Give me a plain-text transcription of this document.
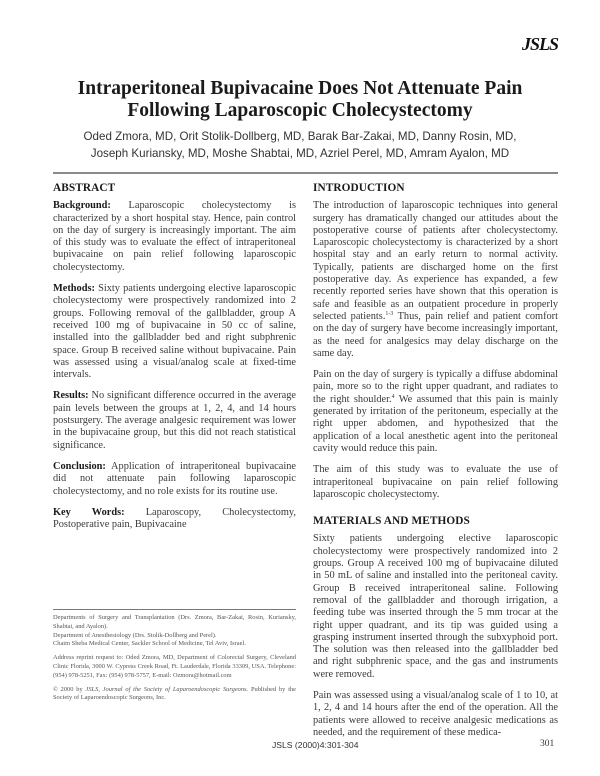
JSLS
Intraperitoneal Bupivacaine Does Not Attenuate Pain
Following Laparoscopic Cholecystectomy
Oded Zmora, MD, Orit Stolik-Dollberg, MD, Barak Bar-Zakai, MD, Danny Rosin, MD,
Joseph Kuriansky, MD, Moshe Shabtai, MD, Azriel Perel, MD, Amram Ayalon, MD
ABSTRACT

Background: Laparoscopic cholecystectomy is characterized by a short hospital stay. Hence, pain control on the day of surgery is increasingly important. The aim of this study was to evaluate the effect of intraperitoneal bupivacaine on pain relief following laparoscopic cholecystectomy.

Methods: Sixty patients undergoing elective laparoscopic cholecystectomy were prospectively randomized into 2 groups. Following removal of the gallbladder, group A received 100 mg of bupivacaine in 50 cc of saline, installed into the gallbladder bed and right subphrenic space. Group B received saline without bupivacaine. Pain was assessed using a visual/analog scale at fixed-time intervals.

Results: No significant difference occurred in the average pain levels between the groups at 1, 2, 4, and 14 hours postsurgery. The average analgesic requirement was lower in the bupivacaine group, but this did not reach statistical significance.

Conclusion: Application of intraperitoneal bupivacaine did not attenuate pain following laparoscopic cholecystectomy, and no role exists for its routine use.

Key Words: Laparoscopy, Cholecystectomy, Postoperative pain, Bupivacaine

Departments of Surgery and Transplantation (Drs. Zmora, Bar-Zakai, Rosin, Kuriansky, Shabtai, and Ayalon).

Department of Anesthesiology (Drs. Stolik-Dollberg and Perel).

Chaim Sheba Medical Center, Sackler School of Medicine, Tel Aviv, Israel.

Address reprint request to: Oded Zmora, MD, Department of Colorectal Surgery, Cleveland Clinic Florida, 3000 W. Cypress Creek Road, Ft. Lauderdale, Florida 33309, USA. Telephone: (954) 978-5251, Fax: (954) 978-5757, E-mail: Ozmora@hotmail.com

© 2000 by JSLS, Journal of the Society of Laparoendoscopic Surgeons. Published by the Society of Laparoendoscopic Surgeons, Inc.

INTRODUCTION

The introduction of laparoscopic techniques into general surgery has dramatically changed our attitudes about the postoperative course of patients after cholecystectomy. Laparoscopic cholecystectomy is characterized by a short hospital stay and an early return to normal activity. Typically, patients are discharged home on the first postoperative day. As experience has expanded, a few recently reported series have shown that this operation is safe and feasible as an outpatient procedure in properly selected patients.$^{1-3}$ Thus, pain relief and patient comfort on the day of surgery have become increasingly important, as the need for analgesics may delay discharge on the same day.

Pain on the day of surgery is typically a diffuse abdominal pain, more so to the right upper quadrant, and radiates to the right shoulder.$^4$ We assumed that this pain is mainly generated by irritation of the peritoneum, especially at the right upper abdomen, and hypothesized that the application of a local anesthetic agent into the peritoneal cavity would reduce this pain.

The aim of this study was to evaluate the use of intraperitoneal bupivacaine on pain relief following laparoscopic cholecystectomy.

MATERIALS AND METHODS

Sixty patients undergoing elective laparoscopic cholecystectomy were prospectively randomized into 2 groups. Group A received 100 mg of bupivacaine diluted in 50 mL of saline and installed into the peritoneal cavity. Group B received intraperitoneal saline. Following removal of the gallbladder and thorough irrigation, a feeding tube was inserted through the 5 mm trocar at the right upper quadrant, and its tip was guided using a grasping instrument inserted through the subxyphoid port. The solution was then released into the gallbladder bed and right subphrenic space, and the gas and instruments were removed.

Pain was assessed using a visual/analog scale of 1 to 10, at 1, 2, 4 and 14 hours after the end of the operation. All the patients were allowed to receive analgesic medications as needed, and the requirement of these medica-

JSLS (2000)4:301-304	301
